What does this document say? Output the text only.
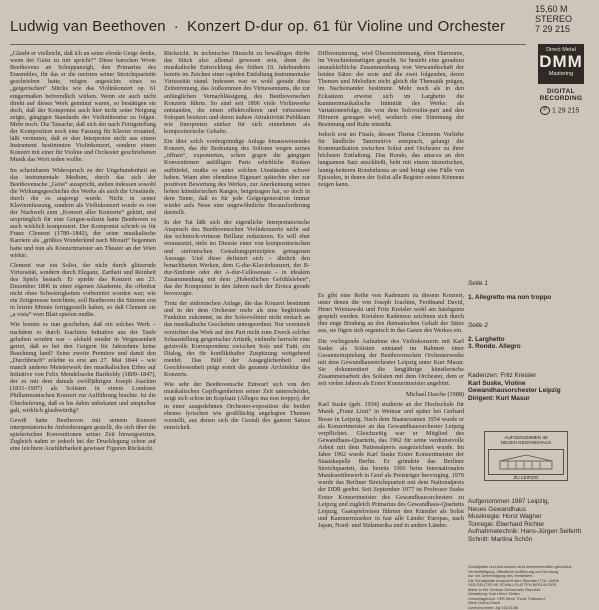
15,60 M
STEREO
7 29 215
Ludwig van Beethoven · Konzert D-dur op. 61 für Violine und Orchester

„Glaubt er vielleicht, daß ich an seine elende Geige denke, wenn der Geist zu mir spricht?“ Diese barschen Worte Beethovens an Schuppanzigh, den Primarius des Ensembles, für das er die meisten seiner Streichquartette geschrieben hatte, mögen angesichts eines so „geigerischen“ Stücks wie das Violinkonzert op. 61 eingermaßen befremdlich wirken. Wenn sie auch nicht direkt auf dieses Werk gemünzt waren, so bestätigen sie doch, daß der Komponist auch hier nicht seine Neigung zeigte, gängigen Standards der Violinliteratur zu folgen. Mehr noch: Die Tatsache, daß sich der nach Fertigstellung der Komposition noch eine Fassung für Klavier erstatted, läßt vermuten, daß er den Interpreten nicht aus einem Instrument bestimmten Violinkonzert, sondern einem Konzert mit einer für Violine und Orchester geschriebenen Musik das Wort reden wollte.

Im scheinbaren Widerspruch zu der Ungebundenheit an das instrumentale Medium, durch das sich der Beethovensche „Geist“ ausspricht, stehen indessen sowohl die Wirkungsgeschichte des Werks als auch die Umstände, durch die es angeregt wurde. Nicht in seiner Klaviernfassung, sondern als Violinkonzert wurde es von der Nachwelt zum „Konzert aller Konzerte“ gekürt, und ursprünglich für eine Geigen-solistin hatte Beethoven es auch wirklich komponiert. Der Komponist schrieb es für Franz Clement (1780–1842), der seine musikalische Karriere als „größtes Wunderkind nach Mozart“ begonnen hatte und nun als Konzertmeister am Theater an der Wien wirkte.

Clement war ein Solist, der nicht durch glitzernde Virtuosität, sondern durch Eleganz, Zartheit und Reinheit des Spiels bestach. Er spielte das Konzert am 23. Dezember 1806 in einer eigenen Akademie, die offenbar nicht ohne Schwierigkeiten vorbereitet worden war; wie ein Zeitgenosse berichtete, soll Beethoven die Stimme erst in letzter Minute fertiggestellt haben, so daß Clement sie „a vista“ vom Blatt spielen mußte.

Wie konnte es nun geschehen, daß ein solches Werk – nachdem es durch Joachims Initiative aus der Taufe gehoben worden war – alsbald wieder in Vergessenheit geriet, daß es bei den Geigern für Jahrzehnte keine Beachtung fand? Seine zweite Premiere und damit den „Durchbruch“ erlebte es erst am 27. Mai 1844 – wie manch anderes Meisterwerk des musikalischen Erbes auf Initiative von Felix Mendelssohn Bartholdy (1809–1847), der es mit dem damals zwölfjährigen Joseph Joachim (1831–1907) als Solisten in einem Londoner Philharmonischen Konzert zur Aufführung brachte. Ist die Überlieferung, daß es bis dahin unbekannt und unspielbar galt, wirklich glaubwürdig?

Gewiß hatte Beethoven mit seinem Konzert interpretatorische Anforderungen gestellt, die sich über die spielerischen Konventionen seiner Zeit hinwegsetzten. Zugleich nahm er jedoch bei der Drucklegung schon auf eine leichtere Ausführbarkeit gewisser Figuren Rücksicht.

Rücksicht. In technischer Hinsicht zu bewältigen dürfte das Stück also allemal gewesen sein, denn die musikalische Entwicklung des frühen 19. Jahrhunderts bereits im Zeichen einer rapiden Entfaltung instrumentaler Virtuosität stand. Indessen war es wohl gerade diese Zeitströmung, das Aufkommen des Virtuosentums, die zur anfänglichen Vernachlässigung des Beethovenschen Konzerts führte. So sind seit 1806 viele Violinwerke entstanden, die einen effektvolleren und virtuoseren Solopart besitzen und deren äußere Attraktivität Publikum wie Interpreten stärker für sich einnehmen als kompositorische Gehalte.

Ein über solch vordergründige Anlage hinausweisendes Konzert, das die Bedeutung des Solisten wegen seines „öffnen“, exponierten, schon gegen die gängigen Konventionen anfälligen Parts erhebliche Risiken aufbürdet, mußte es unter solchen Umständen schwer haben. Wann aber ebendiese Eigenart späterhin eher zur positiven Bewertung des Werkes, zur Anerkennung seines hohen künstlerischen Ranges, beigetragen hat, so doch in dem Sinne, daß es für jede Geigergeneration immer wieder aufs Neue eine ungewöhnliche Herausforderung darstellt.

In der Tat läßt sich der eigentliche interpretatorische Anspruch des Beethovenschen Violinkonzerts nicht auf das technisch-virtuose Brillanz reduzieren. Es will eher veraussetzt, steht im Dienste einer von kompositorischen und sinfonischen Gestaltungsprinzipien getragenen Aussage. Und diese definiert sich – ähnlich den benachbarten Werken, dem G-dur-Klavierkonzert, der B-dur-Sinfonie oder der A-dur-Cellosonate – in idealem Zusammenhang mit dem „Hoheitlichen Gefühlsleben“, das der Komponist in den Jahren nach der Eroica gerade bevorzugte.

Trotz der sinfonischen Anlage, die das Konzert bestimmt und in der dem Orchester mehr als eine begleitende Funktion zukommt, ist der Soloviolinist nicht einfach an das musikalische Geschehen untergeordnet. Nur vereinzelt verzichtet das Werk auf den Part nicht zum Zweck solcher Schaustellung geigerischer Artistik, vielmehr herrscht eine geistvolle Korrespondenz zwischen Solo und Tutti, ein Dialog, der für konflikthafter Zuspitzung weitgehend meidet. Das Bild der Ausgeglichenheit und Geschlossenheit prägt somit die gesamte Architektur des Konzerts.

Wie sehr der Beethovensche Entwurf sich von den musikalischen Gepflogenheiten seiner Zeit unterscheidet, zeigt sich schon im Kopfsatz (Allegro ma non troppo), der in einer ausgedehnten Orchester-exposition die beiden ebenso lyrischen wie großflächig angelegten Themen vorstellt, aus denen sich die Gestalt des ganzen Satzes entwickelt.

Differenzierung, wird Übereinstimmung, eben Harmonie, im Verschiedenartigen gesucht. So besteht eine geradezu unausbleibliche Zusammenhang von Verwandtschaft der beiden Sätze: der erste und die zwei folgenden, deren Themen und Melodien nicht gleich die Thematik prägen, im Nacheinander bestimmt. Mehr noch als in den Ecksätzen erweist sich im Larghetto die kammermusikalische Intimität des Werks: als Variationenfolge, die von dem Soloviolin-part und den Hörnern getragen wird, wodurch eine Stimmung der Besinnung und Ruhe entsteht.

Jedoch erst im Finale, dessen Thema Clements Vorliebe für ländliche Tanzmotive entsprach, gelangt die Kommunikation zwischen Solist und Orchester zu ihrer höchsten Entfaltung. Das Rondo, das attacca an den langsamen Satz anschließt, hebt mit einem tänzerischen, launig-heiteren Rondothema an und bringt eine Fülle von Episoden, in denen der Solist alle Register seines Könnens zeigen kann.

Es gibt eine Reihe von Kadenzen zu diesem Konzert, unter denen die von Joseph Joachim, Ferdinand David, Henri Wieniawski und Fritz Kreisler wohl am häufigsten gespielt werden. Kreislers Kadenzen zeichnen sich durch ihre enge Bindung an den thematischen Gehalt der Sätze aus, sie fügen sich organisch in das Ganze des Werkes ein.

Die vorliegende Aufnahme des Violinkonzerts mit Karl Suske als Solisten entstand im Rahmen einer Gesamteinspielung der Beethovenschen Orchesterwerke mit dem Gewandhausorchester Leipzig unter Kurt Masur. Sie dokumentiert die langjährige künstlerische Zusammenarbeit des Solisten mit dem Orchester, dem er seit vielen Jahren als Erster Konzertmeister angehört.

Michael Dasche (1988)

Karl Suske (geb. 1934) studierte an der Hochschule für Musik „Franz Liszt“ in Weimar und später bei Gerhard Bosse in Leipzig. Nach dem Staatsexamen 1954 wurde er als Konzertmeister an das Gewandhausorchester Leipzig verpflichtet. Gleichzeitig war er Mitglied des Gewandhaus-Quartetts, das 1962 für seine verdienstvolle Arbeit mit dem Nationalpreis ausgezeichnet wurde. Im Jahre 1962 wurde Karl Suske Erster Konzertmeister der Staatskapelle Berlin. Er gründete das Berliner Streichquartett, das bereits 1966 beim Internationalen Musikwettbewerb in Genf als Preisträger hervorging. 1970 wurde das Berliner Streichquartett mit dem Nationalpreis der DDR geehrt. Seit September 1977 ist Professor Suske Erster Konzertmeister des Gewandhausorchesters zu Leipzig und zugleich Primarius des Gewandhaus-Quartetts Leipzig. Gastspielreisen führten den Künstler als Solist und Kammermusiker in fast alle Länder Europas, nach Japan, Nord- und Südamerika und in andere Länder.

Direct Metal
DMM
Mastering
DIGITAL
RECORDING
P 1 29 215
Seite 1
1. Allegretto ma non troppo
Seite 2
2. Larghetto
3. Rondo. Allegro
Kadenzen: Fritz Kreisler
Karl Suske, Violine
Gewandhausorchester Leipzig
Dirigent: Kurt Masur
AUFGENOMMEN IM
NEUEN GEWANDHAUS
ZU LEIPZIG
Aufgenommen 1987 Leipzig,
Neues Gewandhaus
Musikregie: Horst Wagner
Tonregie: Eberhard Richter
Aufnahmetechnik: Hans-Jürgen Seiferth
Schnitt: Martina Schön
Schallplatte und Aufnahmen sind urheberrechtlich geschützt.
Vervielfältigung, öffentliche Aufführung und Sendung
nur mit Genehmigung des Herstellers.
Die Schallplatte entspricht dem Standard TGL 10806
VEB DEUTSCHE SCHALLPLATTEN BERLIN DDR
Made in the German Democratic Republic
Gestaltung: Karl-Heinz Sträter
Umschlagdruck: VEB Werk "Ernst Thälmann"
Werk Gotha-Druck
Lizenznummer: Ag 511/01/88
